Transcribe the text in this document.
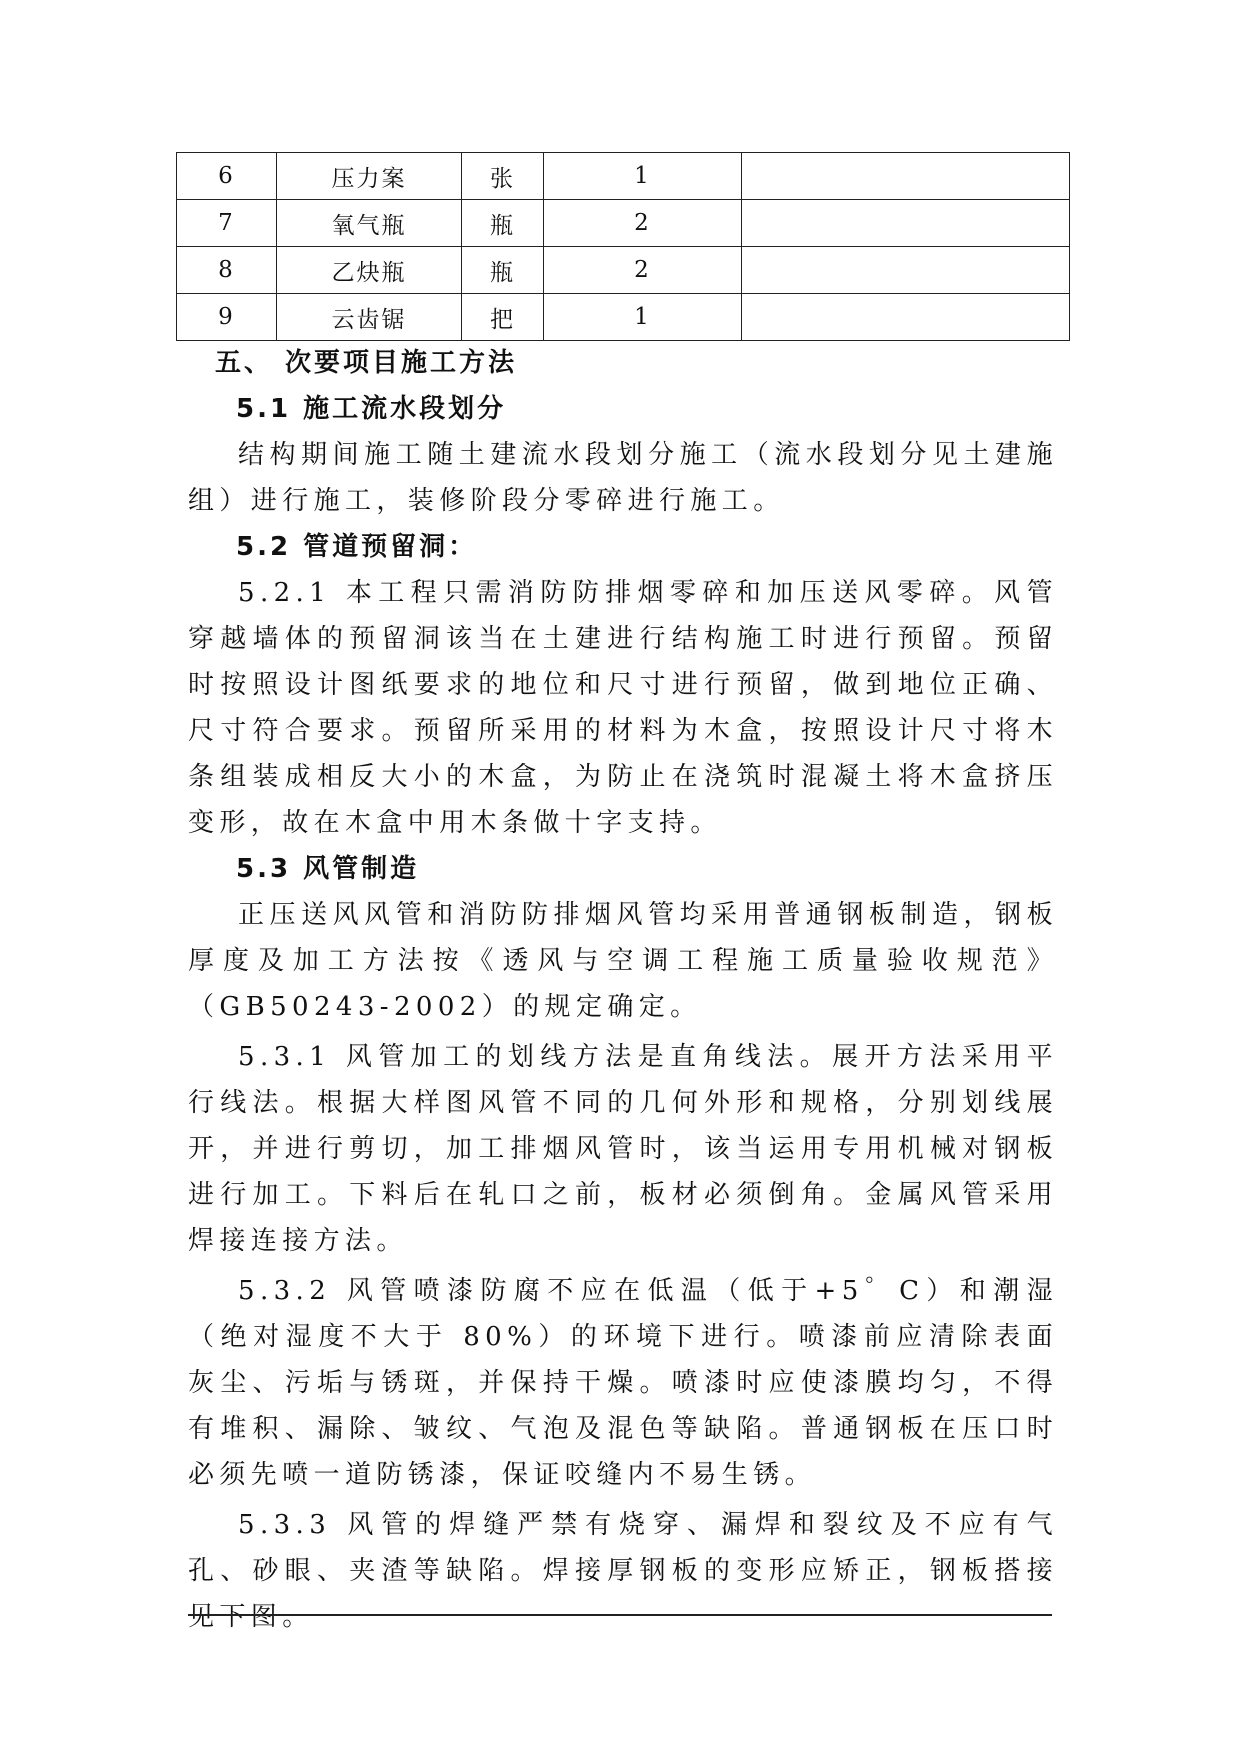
6	压力案	张	1	
7	氧气瓶	瓶	2	
8	乙炔瓶	瓶	2	
9	云齿锯	把	1	
五、 次要项目施工方法
5.1 施工流水段划分

结构期间施工随土建流水段划分施工（流水段划分见土建施组）进行施工，装修阶段分零碎进行施工。

5.2 管道预留洞：

5.2.1 本工程只需消防防排烟零碎和加压送风零碎。风管穿越墙体的预留洞该当在土建进行结构施工时进行预留。预留时按照设计图纸要求的地位和尺寸进行预留，做到地位正确、尺寸符合要求。预留所采用的材料为木盒，按照设计尺寸将木条组装成相反大小的木盒，为防止在浇筑时混凝土将木盒挤压变形，故在木盒中用木条做十字支持。

5.3 风管制造

正压送风风管和消防防排烟风管均采用普通钢板制造，钢板厚度及加工方法按《透风与空调工程施工质量验收规范》（GB50243-2002）的规定确定。

5.3.1 风管加工的划线方法是直角线法。展开方法采用平行线法。根据大样图风管不同的几何外形和规格，分别划线展开，并进行剪切，加工排烟风管时，该当运用专用机械对钢板进行加工。下料后在轧口之前，板材必须倒角。金属风管采用焊接连接方法。

5.3.2 风管喷漆防腐不应在低温（低于+5゜C）和潮湿（绝对湿度不大于 80%）的环境下进行。喷漆前应清除表面灰尘、污垢与锈斑，并保持干燥。喷漆时应使漆膜均匀，不得有堆积、漏除、皱纹、气泡及混色等缺陷。普通钢板在压口时必须先喷一道防锈漆，保证咬缝内不易生锈。

5.3.3 风管的焊缝严禁有烧穿、漏焊和裂纹及不应有气孔、砂眼、夹渣等缺陷。焊接厚钢板的变形应矫正，钢板搭接见下图。
